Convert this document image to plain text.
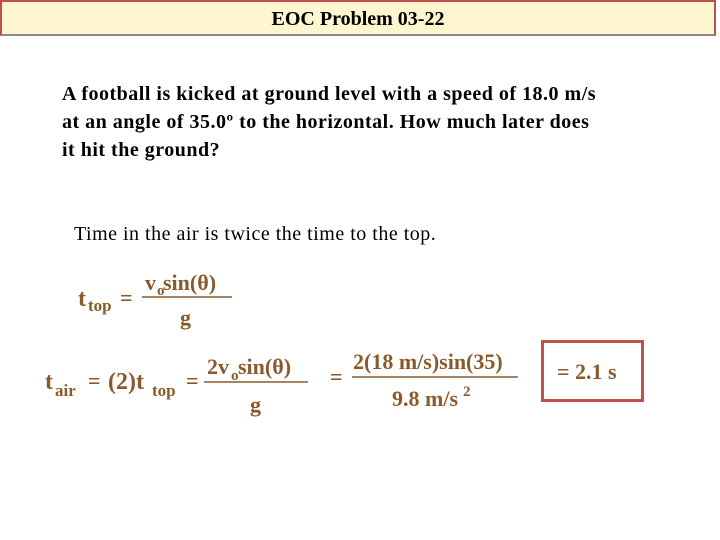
EOC Problem 03-22
A football is kicked at ground level with a speed of 18.0 m/s
at an angle of 35.0º to the horizontal. How much later does
it hit the ground?
Time in the air is twice the time to the top.
t top =
v o
sin(θ)
g
t air = (2) t top =
2v o sin(θ)
g
=
2(18 m/s)sin(35)
9.8 m/s 2
= 2.1 s
